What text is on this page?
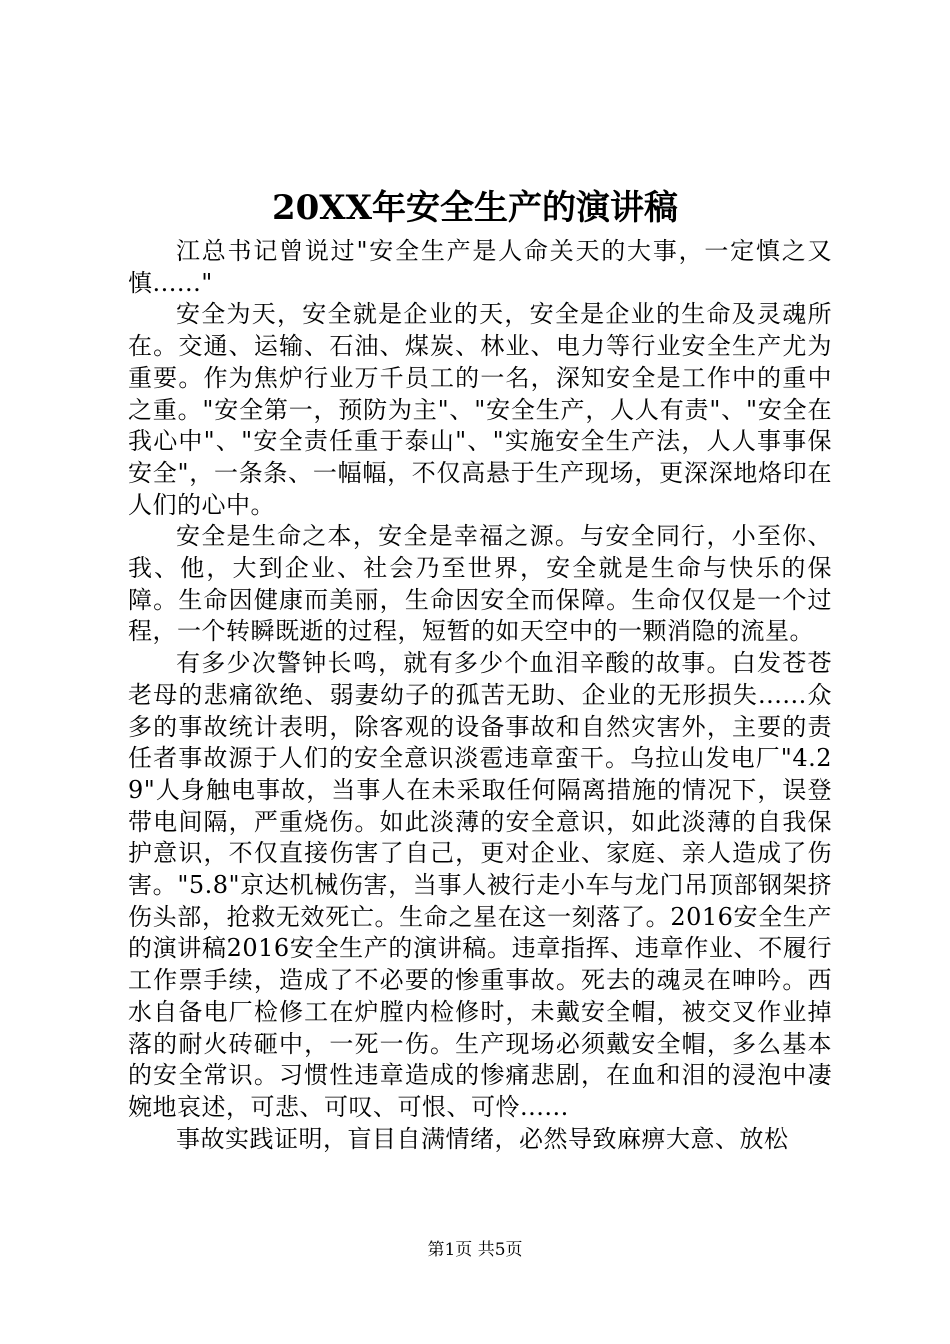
20XX年安全生产的演讲稿

江总书记曾说过"安全生产是人命关天的大事，一定慎之又慎......"

安全为天，安全就是企业的天，安全是企业的生命及灵魂所在。交通、运输、石油、煤炭、林业、电力等行业安全生产尤为重要。作为焦炉行业万千员工的一名，深知安全是工作中的重中之重。"安全第一，预防为主"、"安全生产，人人有责"、"安全在我心中"、"安全责任重于泰山"、"实施安全生产法，人人事事保安全"，一条条、一幅幅，不仅高悬于生产现场，更深深地烙印在人们的心中。

安全是生命之本，安全是幸福之源。与安全同行，小至你、我、他，大到企业、社会乃至世界，安全就是生命与快乐的保障。生命因健康而美丽，生命因安全而保障。生命仅仅是一个过程，一个转瞬既逝的过程，短暂的如天空中的一颗消隐的流星。

有多少次警钟长鸣，就有多少个血泪辛酸的故事。白发苍苍老母的悲痛欲绝、弱妻幼子的孤苦无助、企业的无形损失......众多的事故统计表明，除客观的设备事故和自然灾害外，主要的责任者事故源于人们的安全意识淡雹违章蛮干。乌拉山发电厂"4.29"人身触电事故，当事人在未采取任何隔离措施的情况下，误登带电间隔，严重烧伤。如此淡薄的安全意识，如此淡薄的自我保护意识，不仅直接伤害了自己，更对企业、家庭、亲人造成了伤害。"5.8"京达机械伤害，当事人被行走小车与龙门吊顶部钢架挤伤头部，抢救无效死亡。生命之星在这一刻落了。2016安全生产的演讲稿2016安全生产的演讲稿。违章指挥、违章作业、不履行工作票手续，造成了不必要的惨重事故。死去的魂灵在呻吟。西水自备电厂检修工在炉膛内检修时，未戴安全帽，被交叉作业掉落的耐火砖砸中，一死一伤。生产现场必须戴安全帽，多么基本的安全常识。习惯性违章造成的惨痛悲剧，在血和泪的浸泡中凄婉地哀述，可悲、可叹、可恨、可怜......

事故实践证明，盲目自满情绪，必然导致麻痹大意、放松

第1页 共5页
